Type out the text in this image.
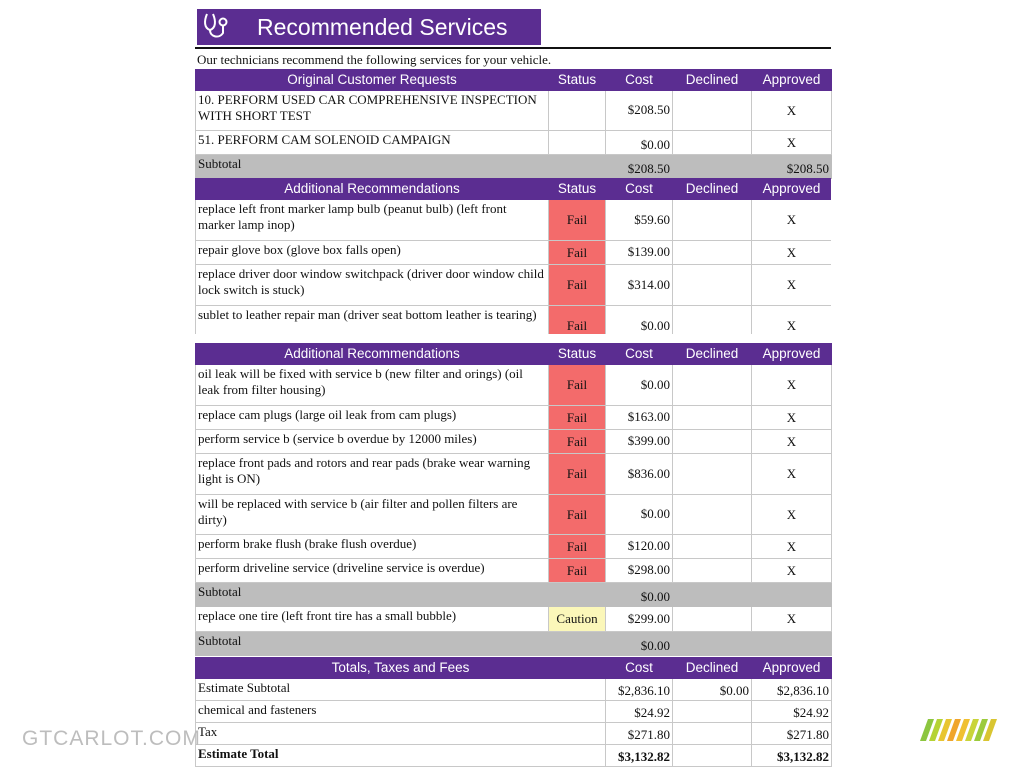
Recommended Services
Our technicians recommend the following services for your vehicle.
Original Customer Requests	Status	Cost	Declined	Approved
10. PERFORM USED CAR COMPREHENSIVE INSPECTION WITH SHORT TEST		$208.50		X
51. PERFORM CAM SOLENOID CAMPAIGN		$0.00		X
Subtotal		$208.50		$208.50
Additional Recommendations	Status	Cost	Declined	Approved
replace left front marker lamp bulb (peanut bulb) (left front marker lamp inop)	Fail	$59.60		X
repair glove box (glove box falls open)	Fail	$139.00		X
replace driver door window switchpack (driver door window child lock switch is stuck)	Fail	$314.00		X
sublet to leather repair man (driver seat bottom leather is tearing)	Fail	$0.00		X
Additional Recommendations	Status	Cost	Declined	Approved
oil leak will be fixed with service b (new filter and orings) (oil leak from filter housing)	Fail	$0.00		X
replace cam plugs (large oil leak from cam plugs)	Fail	$163.00		X
perform service b (service b overdue by 12000 miles)	Fail	$399.00		X
replace front pads and rotors and rear pads (brake wear warning light is ON)	Fail	$836.00		X
will be replaced with service b (air filter and pollen filters are dirty)	Fail	$0.00		X
perform brake flush (brake flush overdue)	Fail	$120.00		X
perform driveline service (driveline service is overdue)	Fail	$298.00		X
Subtotal		$0.00		
replace one tire (left front tire has a small bubble)	Caution	$299.00		X
Subtotal		$0.00		
Totals, Taxes and Fees	Cost	Declined	Approved
Estimate Subtotal	$2,836.10	$0.00	$2,836.10
chemical and fasteners	$24.92		$24.92
Tax	$271.80		$271.80
Estimate Total	$3,132.82		$3,132.82
GTCARLOT.COM
